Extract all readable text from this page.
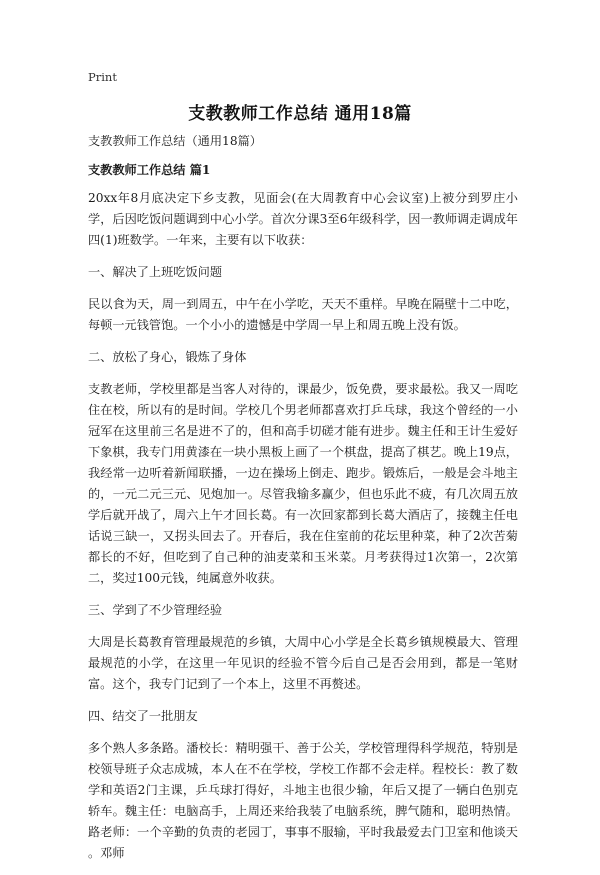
Print
支教教师工作总结 通用18篇

支教教师工作总结（通用18篇）

支教教师工作总结 篇1

20xx年8月底决定下乡支教，见面会(在大周教育中心会议室)上被分到罗庄小学，后因吃饭问题调到中心小学。首次分课3至6年级科学，因一教师调走调成年四(1)班数学。一年来，主要有以下收获：

一、解决了上班吃饭问题

民以食为天，周一到周五，中午在小学吃，天天不重样。早晚在隔壁十二中吃，每顿一元钱管饱。一个小小的遗憾是中学周一早上和周五晚上没有饭。

二、放松了身心，锻炼了身体

支教老师，学校里都是当客人对待的，课最少，饭免费，要求最松。我又一周吃住在校，所以有的是时间。学校几个男老师都喜欢打乒乓球，我这个曾经的一小冠军在这里前三名是进不了的，但和高手切磋才能有进步。魏主任和王计生爱好下象棋，我专门用黄漆在一块小黑板上画了一个棋盘，提高了棋艺。晚上19点，我经常一边听着新闻联播，一边在操场上倒走、跑步。锻炼后，一般是会斗地主的，一元二元三元、见炮加一。尽管我输多赢少，但也乐此不疲，有几次周五放学后就开战了，周六上午才回长葛。有一次回家都到长葛大酒店了，接魏主任电话说三缺一，又拐头回去了。开春后，我在住室前的花坛里种菜，种了2次苦菊都长的不好，但吃到了自己种的油麦菜和玉米菜。月考获得过1次第一，2次第二，奖过100元钱，纯属意外收获。

三、学到了不少管理经验

大周是长葛教育管理最规范的乡镇，大周中心小学是全长葛乡镇规模最大、管理最规范的小学，在这里一年见识的经验不管今后自己是否会用到，都是一笔财富。这个，我专门记到了一个本上，这里不再赘述。

四、结交了一批朋友

多个熟人多条路。潘校长：精明强干、善于公关，学校管理得科学规范，特别是校领导班子众志成城，本人在不在学校，学校工作都不会走样。程校长：教了数学和英语2门主课，乒乓球打得好，斗地主也很少输，年后又提了一辆白色别克轿车。魏主任：电脑高手，上周还来给我装了电脑系统，脾气随和，聪明热情。路老师：一个辛勤的负责的老园丁，事事不服输，平时我最爱去门卫室和他谈天 。邓师
